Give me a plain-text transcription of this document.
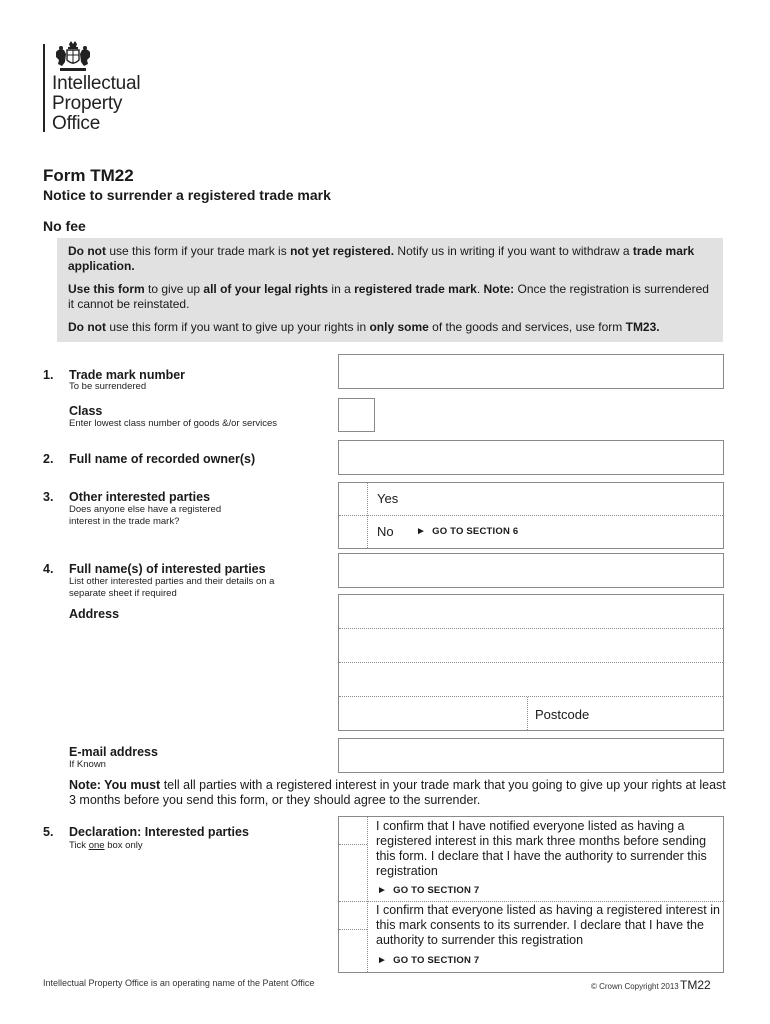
Intellectual
Property
Office
Form TM22
Notice to surrender a registered trade mark
No fee

Do not use this form if your trade mark is not yet registered. Notify us in writing if you want to withdraw a trade mark application.

Use this form to give up all of your legal rights in a registered trade mark. Note: Once the registration is surrendered it cannot be reinstated.

Do not use this form if you want to give up your rights in only some of the goods and services, use form TM23.

1. Trade mark number
To be surrendered
Class
Enter lowest class number of goods &/or services
2. Full name of recorded owner(s)
3. Other interested parties
Does anyone else have a registered
interest in the trade mark?
Yes
No ► GO TO SECTION 6
4. Full name(s) of interested parties
List other interested parties and their details on a
separate sheet if required
Address
Postcode
E-mail address
If Known
Note: You must tell all parties with a registered interest in your trade mark that you going to give up your rights at least 3 months before you send this form, or they should agree to the surrender.
5. Declaration: Interested parties
Tick one box only
I confirm that I have notified everyone listed as having a registered interest in this mark three months before sending this form. I declare that I have the authority to surrender this registration
► GO TO SECTION 7
I confirm that everyone listed as having a registered interest in this mark consents to its surrender. I declare that I have the authority to surrender this registration
► GO TO SECTION 7
Intellectual Property Office is an operating name of the Patent Office	© Crown Copyright 2013 TM22
